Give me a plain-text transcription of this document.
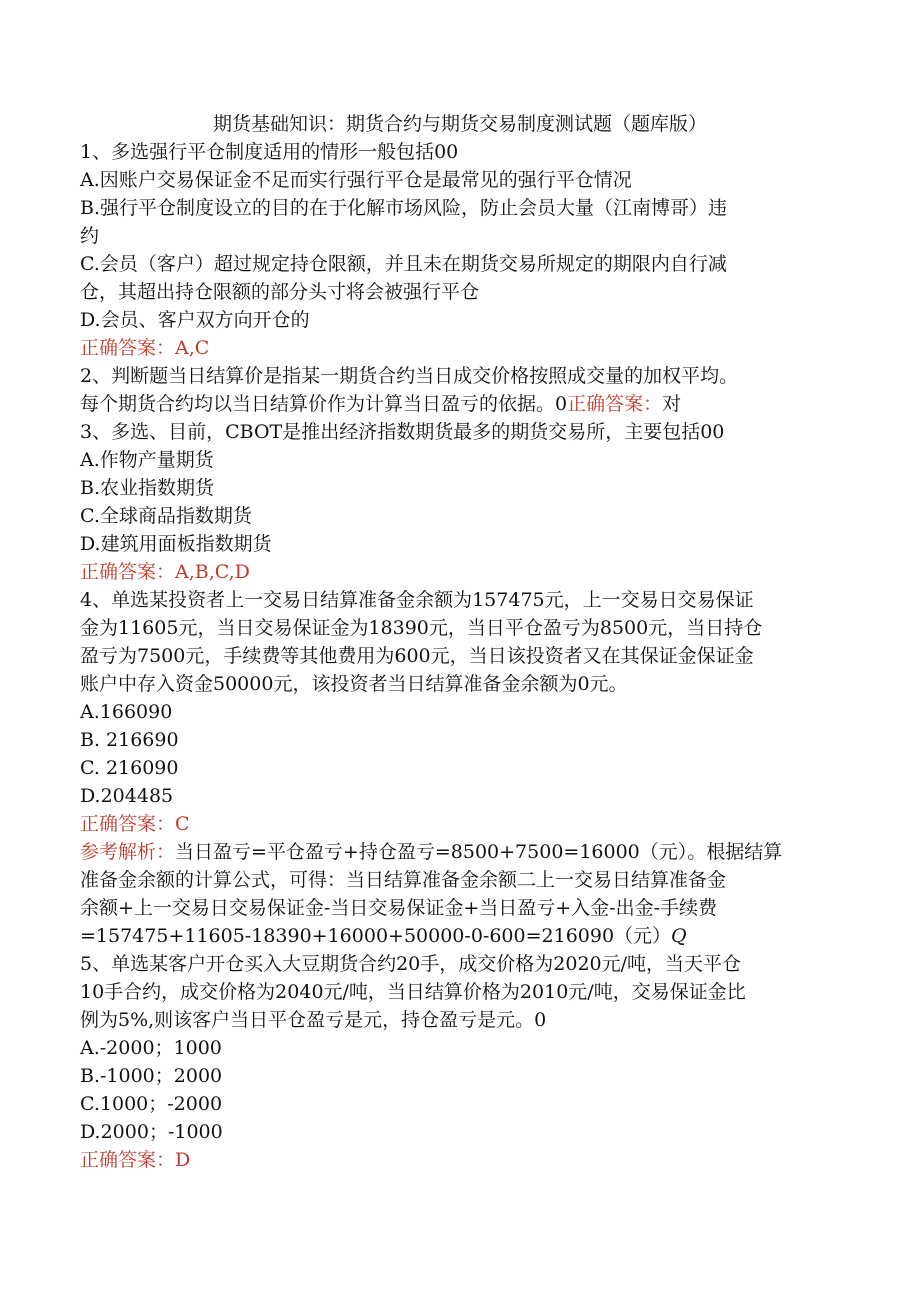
期货基础知识：期货合约与期货交易制度测试题（题库版）
1、多选强行平仓制度适用的情形一般包括00
A.因账户交易保证金不足而实行强行平仓是最常见的强行平仓情况
B.强行平仓制度设立的目的在于化解市场风险，防止会员大量（江南博哥）违
约
C.会员（客户）超过规定持仓限额，并且未在期货交易所规定的期限内自行减
仓，其超出持仓限额的部分头寸将会被强行平仓
D.会员、客户双方向开仓的
正确答案：A,C
2、判断题当日结算价是指某一期货合约当日成交价格按照成交量的加权平均。
每个期货合约均以当日结算价作为计算当日盈亏的依据。0正确答案：对
3、多选、目前，CBOT是推出经济指数期货最多的期货交易所，主要包括00
A.作物产量期货
B.农业指数期货
C.全球商品指数期货
D.建筑用面板指数期货
正确答案：A,B,C,D
4、单选某投资者上一交易日结算准备金余额为157475元，上一交易日交易保证
金为11605元，当日交易保证金为18390元，当日平仓盈亏为8500元，当日持仓
盈亏为7500元，手续费等其他费用为600元，当日该投资者又在其保证金保证金
账户中存入资金50000元，该投资者当日结算准备金余额为0元。
A.166090
B. 216690
C. 216090
D.204485
正确答案：C
参考解析：当日盈亏=平仓盈亏+持仓盈亏=8500+7500=16000（元）。根据结算
准备金余额的计算公式，可得：当日结算准备金余额二上一交易日结算准备金
余额+上一交易日交易保证金-当日交易保证金+当日盈亏+入金-出金-手续费
=157475+11605-18390+16000+50000-0-600=216090（元）Q
5、单选某客户开仓买入大豆期货合约20手，成交价格为2020元/吨，当天平仓
10手合约，成交价格为2040元/吨，当日结算价格为2010元/吨，交易保证金比
例为5%,则该客户当日平仓盈亏是元，持仓盈亏是元。0
A.-2000；1000
B.-1000；2000
C.1000；-2000
D.2000；-1000
正确答案：D
